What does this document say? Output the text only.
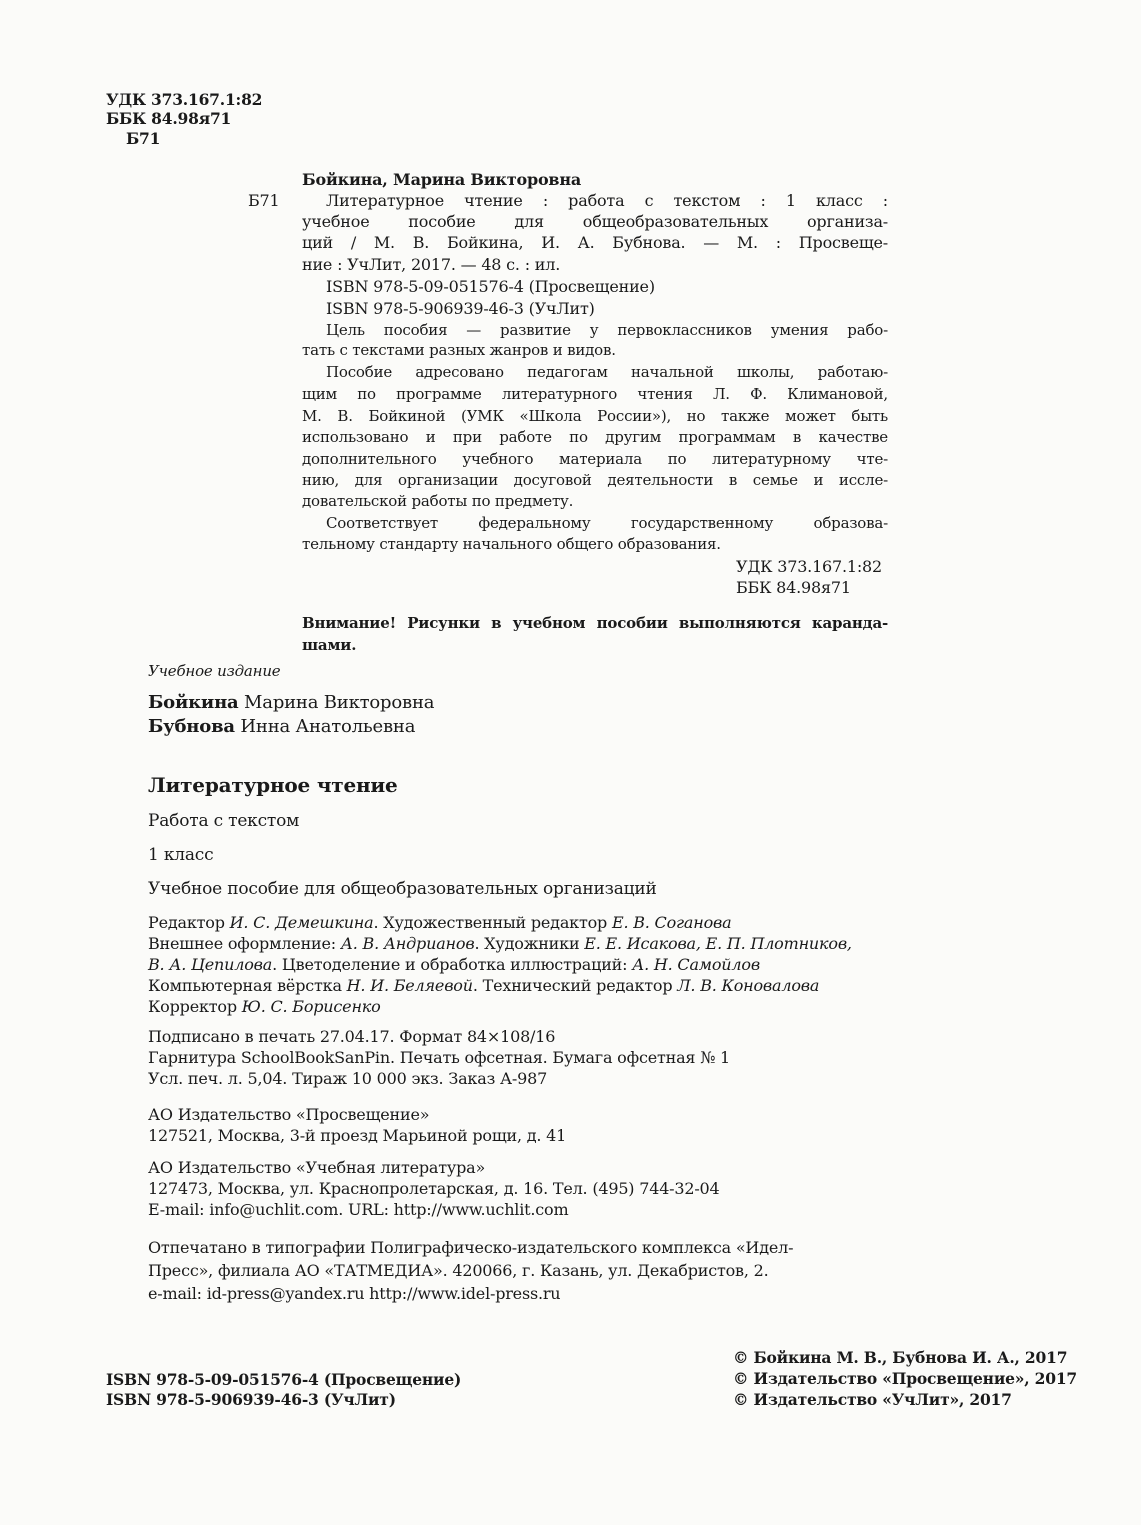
УДК 373.167.1:82
ББК 84.98я71
Б71
Бойкина, Марина Викторовна
Б71	Литературное чтение : работа с текстом : 1 класс :
учебное пособие для общеобразовательных организа-
ций / М. В. Бойкина, И. А. Бубнова. — М. : Просвеще-
ние : УчЛит, 2017. — 48 с. : ил.
ISBN 978-5-09-051576-4 (Просвещение)
ISBN 978-5-906939-46-3 (УчЛит)
Цель пособия — развитие у первоклассников умения рабо-
тать с текстами разных жанров и видов.
Пособие адресовано педагогам начальной школы, работаю-
щим по программе литературного чтения Л. Ф. Климановой,
М. В. Бойкиной (УМК «Школа России»), но также может быть
использовано и при работе по другим программам в качестве
дополнительного учебного материала по литературному чте-
нию, для организации досуговой деятельности в семье и иссле-
довательской работы по предмету.
Соответствует федеральному государственному образова-
тельному стандарту начального общего образования.
УДК 373.167.1:82
ББК 84.98я71
Внимание! Рисунки в учебном пособии выполняются каранда-
шами.
Учебное издание
Бойкина Марина Викторовна
Бубнова Инна Анатольевна
Литературное чтение
Работа с текстом
1 класс
Учебное пособие для общеобразовательных организаций
Редактор И. С. Демешкина. Художественный редактор Е. В. Соганова
Внешнее оформление: А. В. Андрианов. Художники Е. Е. Исакова, Е. П. Плотников,
В. А. Цепилова. Цветоделение и обработка иллюстраций: А. Н. Самойлов
Компьютерная вёрстка Н. И. Беляевой. Технический редактор Л. В. Коновалова
Корректор Ю. С. Борисенко
Подписано в печать 27.04.17. Формат 84×108/16
Гарнитура SchoolBookSanPin. Печать офсетная. Бумага офсетная № 1
Усл. печ. л. 5,04. Тираж 10 000 экз. Заказ А-987
АО Издательство «Просвещение»
127521, Москва, 3-й проезд Марьиной рощи, д. 41
АО Издательство «Учебная литература»
127473, Москва, ул. Краснопролетарская, д. 16. Тел. (495) 744-32-04
E-mail: info@uchlit.com. URL: http://www.uchlit.com
Отпечатано в типографии Полиграфическо-издательского комплекса «Идел-
Пресс», филиала АО «ТАТМЕДИА». 420066, г. Казань, ул. Декабристов, 2.
e-mail: id-press@yandex.ru http://www.idel-press.ru
ISBN 978-5-09-051576-4 (Просвещение)
ISBN 978-5-906939-46-3 (УчЛит)
© Бойкина М. В., Бубнова И. А., 2017
© Издательство «Просвещение», 2017
© Издательство «УчЛит», 2017
